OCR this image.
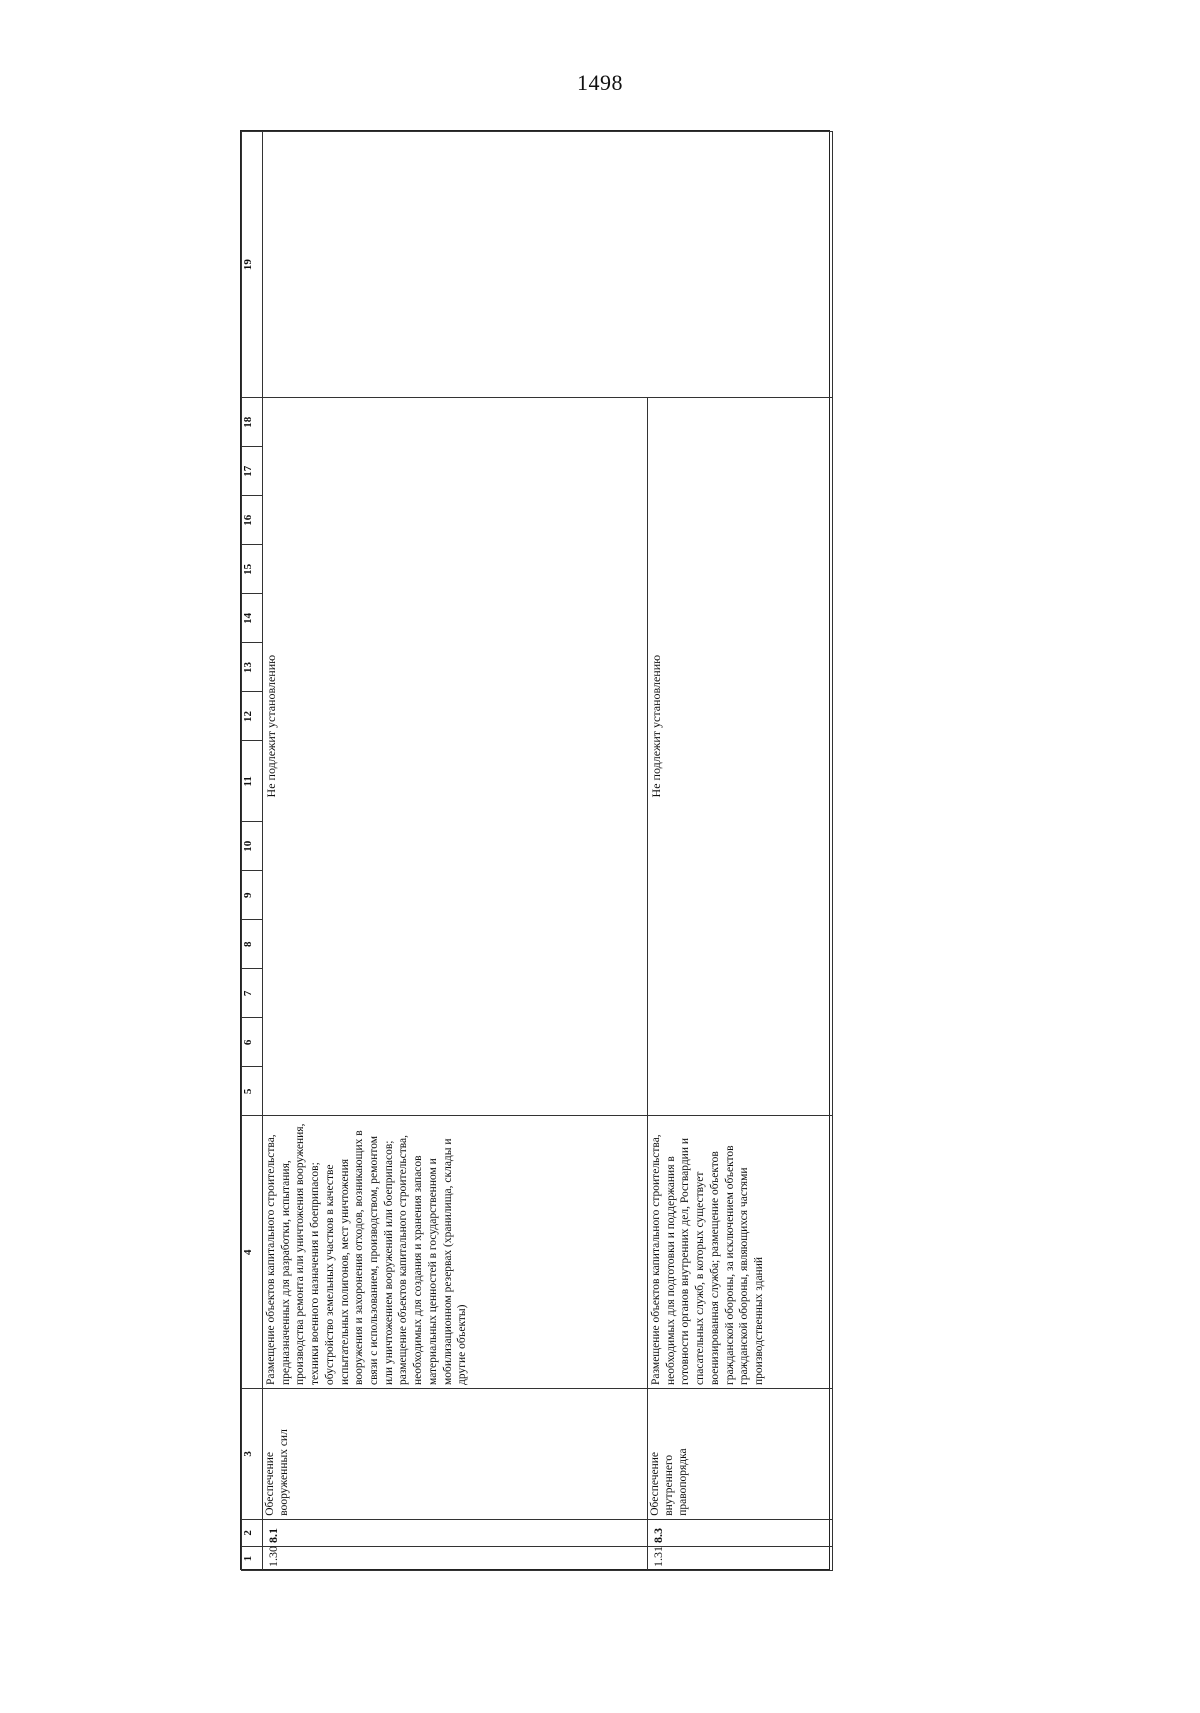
1498
1	2	3	4	5	6	7	8	9	10	11	12	13	14	15	16	17	18	19
1.30	8.1	Обеспечение вооруженных сил	Размещение объектов капитального строительства, предназначенных для разработки, испытания, производства ремонта или уничтожения вооружения, техники военного назначения и боеприпасов; обустройство земельных участков в качестве испытательных полигонов, мест уничтожения вооружения и захоронения отходов, возникающих в связи с использованием, производством, ремонтом или уничтожением вооружений или боеприпасов; размещение объектов капитального строительства, необходимых для создания и хранения запасов материальных ценностей в государственном и мобилизационном резервах (хранилища, склады и другие объекты)	Не подлежит установлению														
1.31	8.3	Обеспечение внутреннего правопорядка	Размещение объектов капитального строительства, необходимых для подготовки и поддержания в готовности органов внутренних дел, Росгвардии и спасательных служб, в которых существует военизированная служба; размещение объектов гражданской обороны, за исключением объектов гражданской обороны, являющихся частями производственных зданий	Не подлежит установлению														
